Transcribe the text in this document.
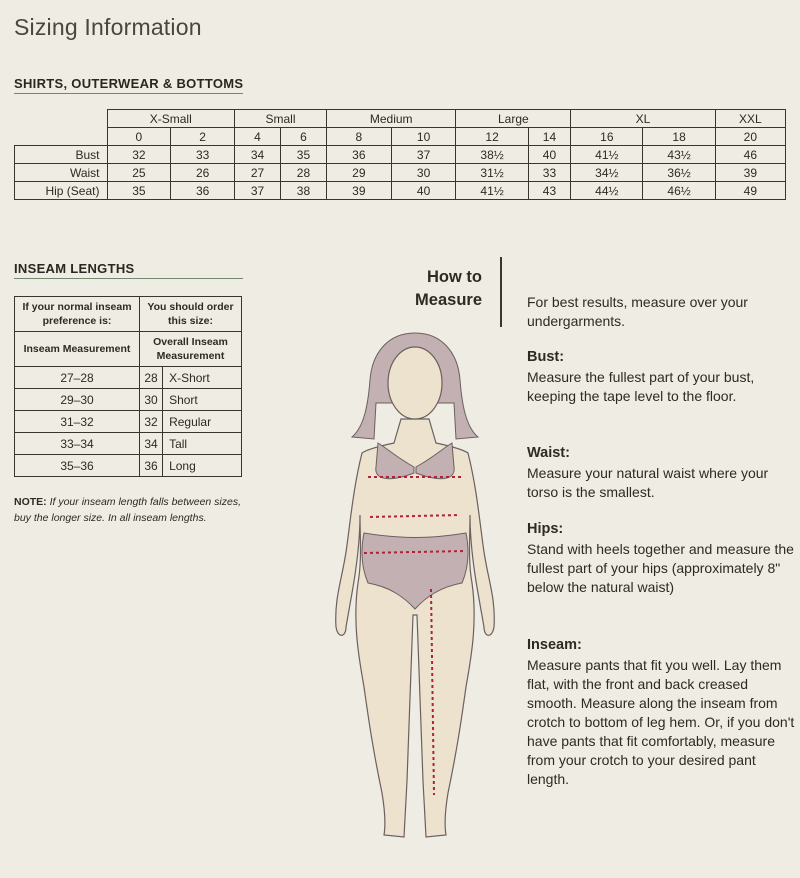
Sizing Information
SHIRTS, OUTERWEAR & BOTTOMS
	X-Small		Small		Medium		Large		XL		XXL
	0	2	4	6	8	10	12	14	16	18	20
Bust	32	33	34	35	36	37	38½	40	41½	43½	46
Waist	25	26	27	28	29	30	31½	33	34½	36½	39
Hip (Seat)	35	36	37	38	39	40	41½	43	44½	46½	49
INSEAM LENGTHS
If your normal inseam preference is:	You should order this size:	
Inseam Measurement	Overall Inseam Measurement	
27–28	28	X-Short
29–30	30	Short
31–32	32	Regular
33–34	34	Tall
35–36	36	Long
NOTE: If your inseam length falls between sizes, buy the longer size. In all inseam lengths.
How to
Measure	For best results, measure over your undergarments.
Bust:
Measure the fullest part of your bust, keeping the tape level to the floor.
Waist:
Measure your natural waist where your torso is the smallest.
Hips:
Stand with heels together and measure the fullest part of your hips (approximately 8" below the natural waist)
Inseam:
Measure pants that fit you well. Lay them flat, with the front and back creased smooth. Measure along the inseam from crotch to bottom of leg hem. Or, if you don't have pants that fit comfortably, measure from your crotch to your desired pant length.
